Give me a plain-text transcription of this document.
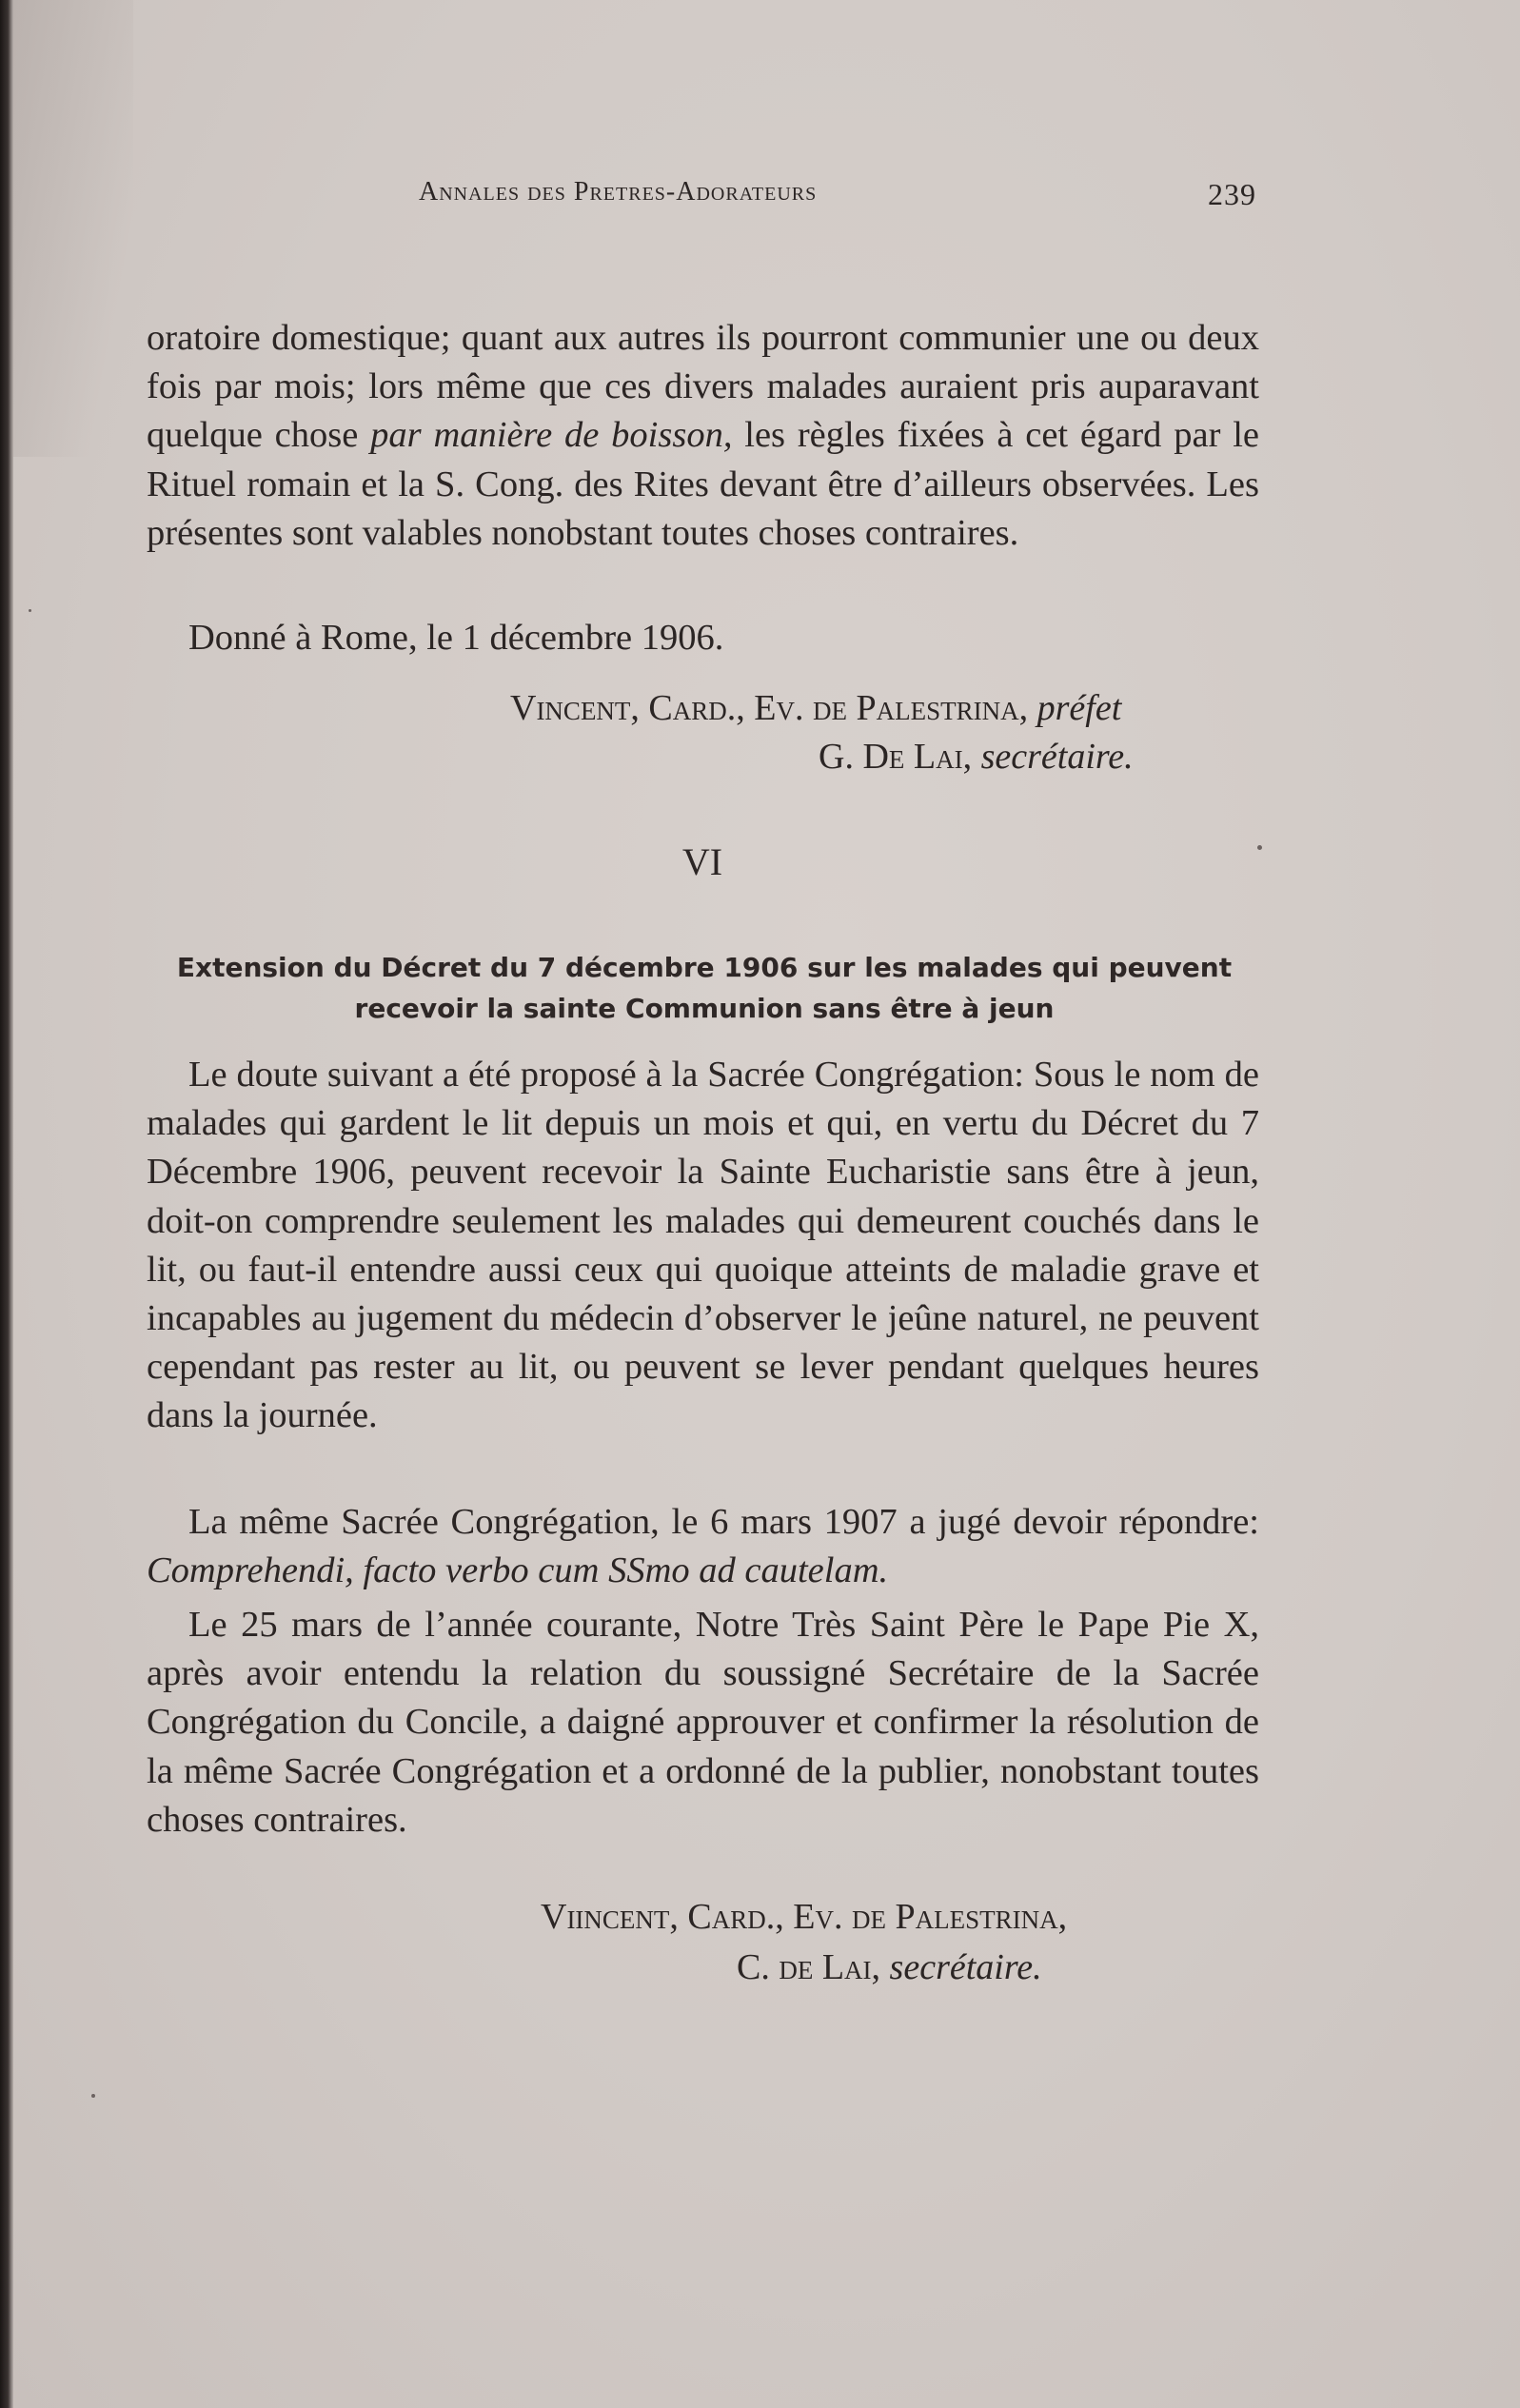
Annales des Pretres-Adorateurs	239
oratoire domestique; quant aux autres ils pourront communier une ou deux fois par mois; lors même que ces divers malades auraient pris auparavant quelque chose par manière de boisson, les règles fixées à cet égard par le Rituel romain et la S. Cong. des Rites devant être d’ailleurs observées. Les présentes sont valables nonobstant toutes choses contraires.
Donné à Rome, le 1 décembre 1906.
Vincent, Card., Ev. de Palestrina, préfet
G. De Lai, secrétaire.
VI
Extension du Décret du 7 décembre 1906 sur les malades qui peuvent recevoir la sainte Communion sans être à jeun
Le doute suivant a été proposé à la Sacrée Congrégation: Sous le nom de malades qui gardent le lit depuis un mois et qui, en vertu du Décret du 7 Décembre 1906, peuvent recevoir la Sainte Eucharistie sans être à jeun, doit-on comprendre seulement les malades qui demeurent couchés dans le lit, ou faut-il entendre aussi ceux qui quoique atteints de maladie grave et incapables au jugement du médecin d’observer le jeûne naturel, ne peuvent cependant pas rester au lit, ou peuvent se lever pendant quelques heures dans la journée.
La même Sacrée Congrégation, le 6 mars 1907 a jugé devoir répondre: Comprehendi, facto verbo cum SSmo ad cautelam.
Le 25 mars de l’année courante, Notre Très Saint Père le Pape Pie X, après avoir entendu la relation du soussigné Secrétaire de la Sacrée Congrégation du Concile, a daigné approuver et confirmer la résolution de la même Sacrée Congrégation et a ordonné de la publier, nonobstant toutes choses contraires.
Viincent, Card., Ev. de Palestrina,
C. de Lai, secrétaire.
